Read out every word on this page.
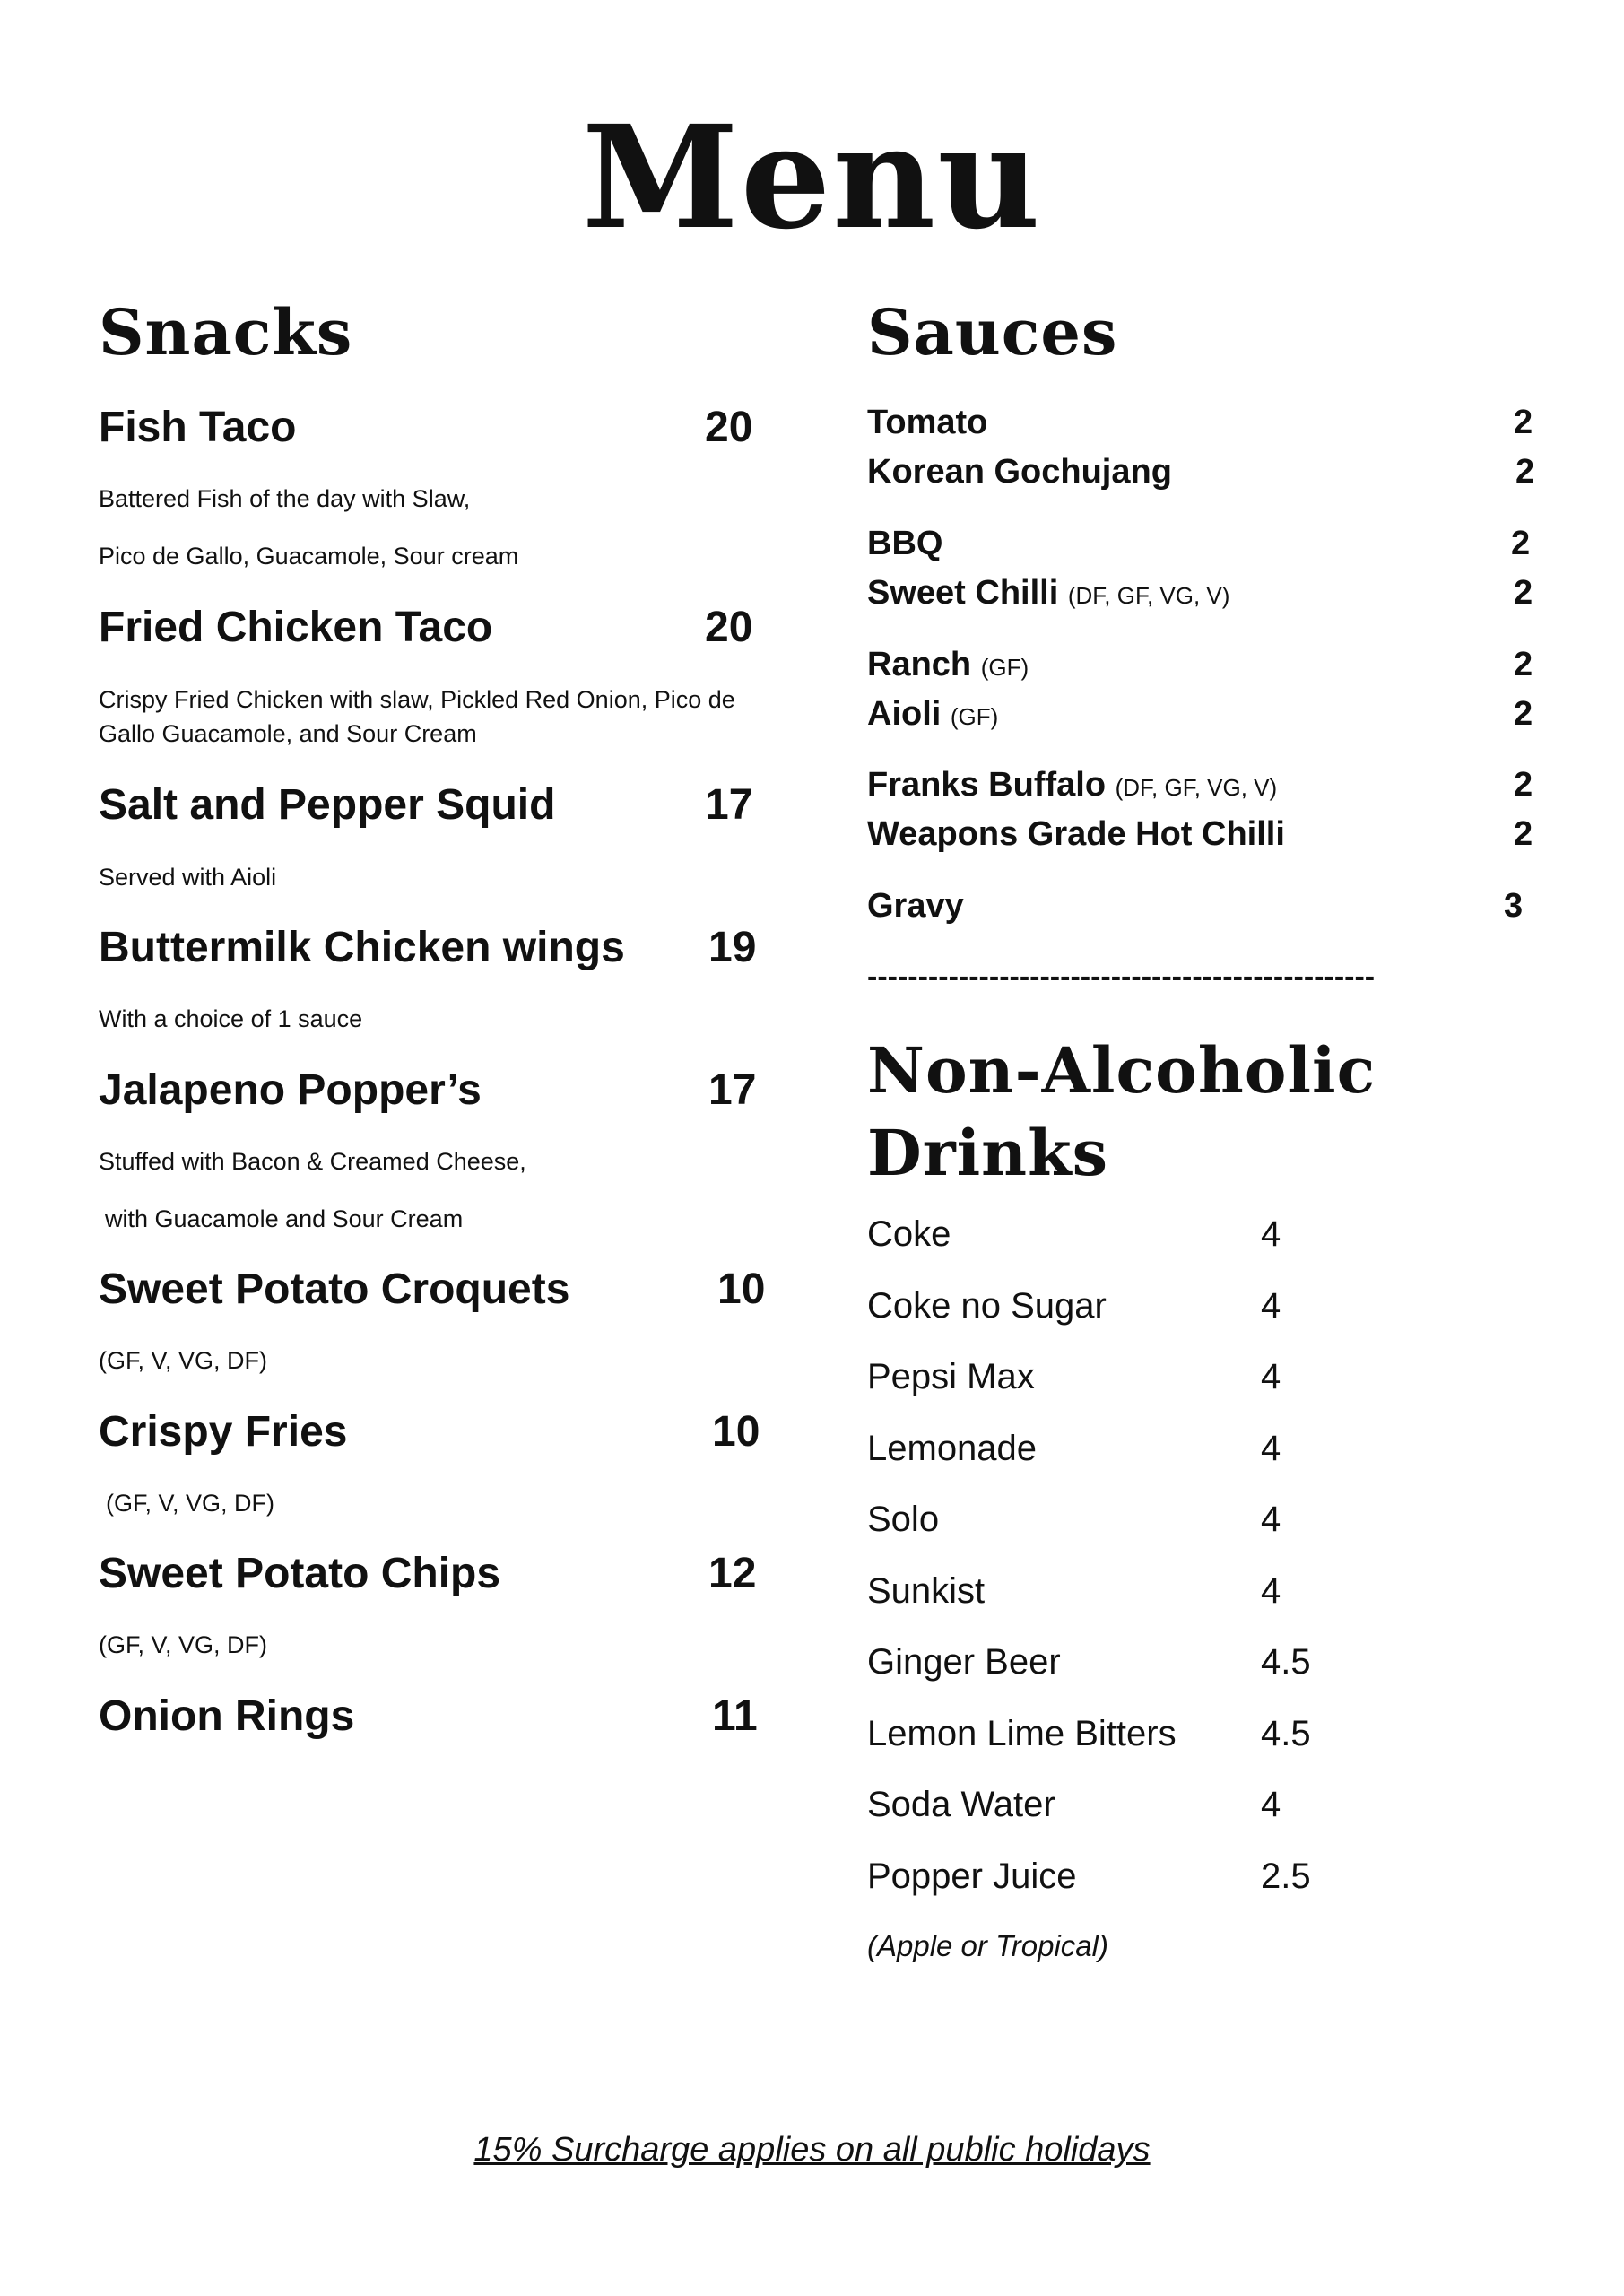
Menu
Snacks
Fish Taco	20
Battered Fish of the day with Slaw,
Pico de Gallo, Guacamole, Sour cream
Fried Chicken Taco	20
Crispy Fried Chicken with slaw, Pickled Red Onion, Pico de
Gallo Guacamole, and Sour Cream
Salt and Pepper Squid	17
Served with Aioli
Buttermilk Chicken wings 19
With a choice of 1 sauce
Jalapeno Popper’s	17
Stuffed with Bacon & Creamed Cheese,
with Guacamole and Sour Cream
Sweet Potato Croquets	10
(GF, V, VG, DF)
Crispy Fries	10
(GF, V, VG, DF)
Sweet Potato Chips	12
(GF, V, VG, DF)
Onion Rings	11
Sauces
Tomato	2
Korean Gochujang	2
BBQ	2
Sweet Chilli (DF, GF, VG, V)	2
Ranch (GF)	2
Aioli (GF)	2
Franks Buffalo (DF, GF, VG, V)	2
Weapons Grade Hot Chilli	2
Gravy	3
--------------------------------------------------
Non-Alcoholic
Drinks
Coke	4
Coke no Sugar	4
Pepsi Max	4
Lemonade	4
Solo	4
Sunkist	4
Ginger Beer	4.5
Lemon Lime Bitters 4.5
Soda Water	4
Popper Juice	2.5
(Apple or Tropical)
15% Surcharge applies on all public holidays
